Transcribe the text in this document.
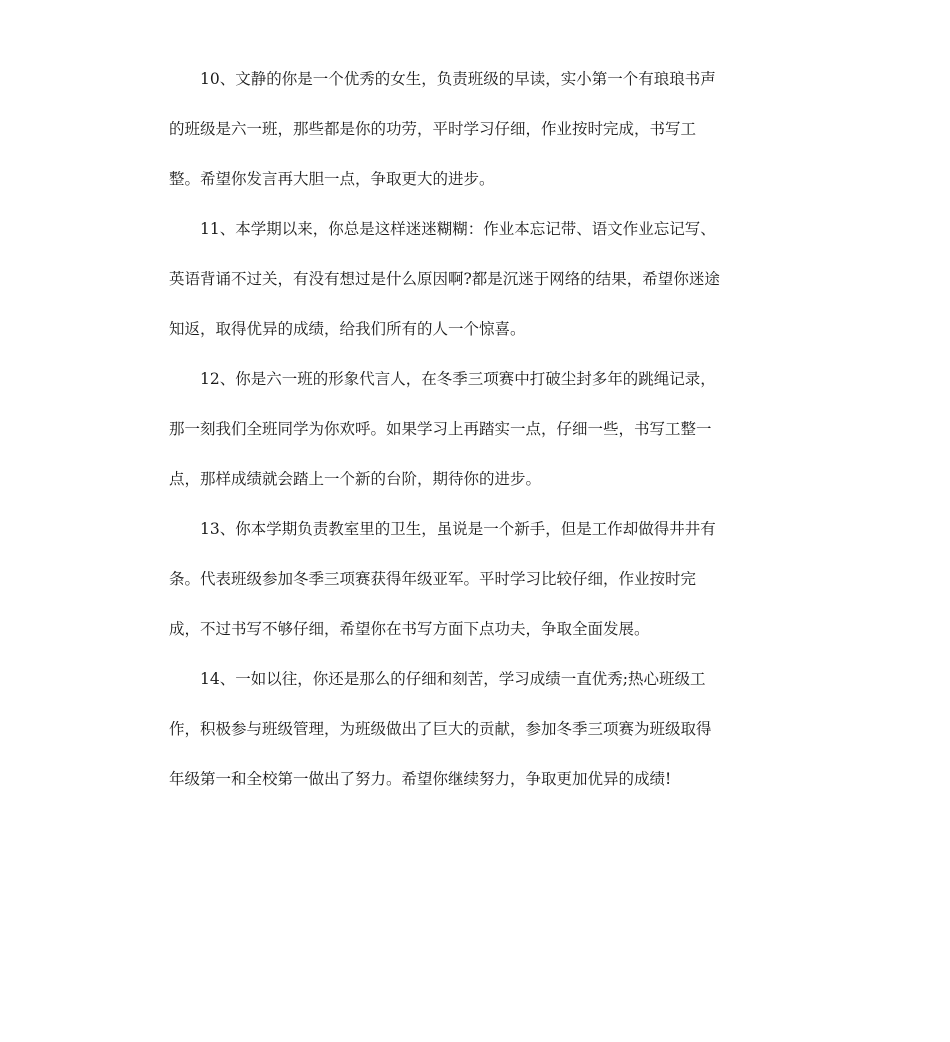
10、文静的你是一个优秀的女生，负责班级的早读，实小第一个有琅琅书声
的班级是六一班，那些都是你的功劳，平时学习仔细，作业按时完成，书写工
整。希望你发言再大胆一点，争取更大的进步。
11、本学期以来，你总是这样迷迷糊糊：作业本忘记带、语文作业忘记写、
英语背诵不过关，有没有想过是什么原因啊?都是沉迷于网络的结果，希望你迷途
知返，取得优异的成绩，给我们所有的人一个惊喜。
12、你是六一班的形象代言人，在冬季三项赛中打破尘封多年的跳绳记录，
那一刻我们全班同学为你欢呼。如果学习上再踏实一点，仔细一些，书写工整一
点，那样成绩就会踏上一个新的台阶，期待你的进步。
13、你本学期负责教室里的卫生，虽说是一个新手，但是工作却做得井井有
条。代表班级参加冬季三项赛获得年级亚军。平时学习比较仔细，作业按时完
成，不过书写不够仔细，希望你在书写方面下点功夫，争取全面发展。
14、一如以往，你还是那么的仔细和刻苦，学习成绩一直优秀;热心班级工
作，积极参与班级管理，为班级做出了巨大的贡献，参加冬季三项赛为班级取得
年级第一和全校第一做出了努力。希望你继续努力，争取更加优异的成绩!
